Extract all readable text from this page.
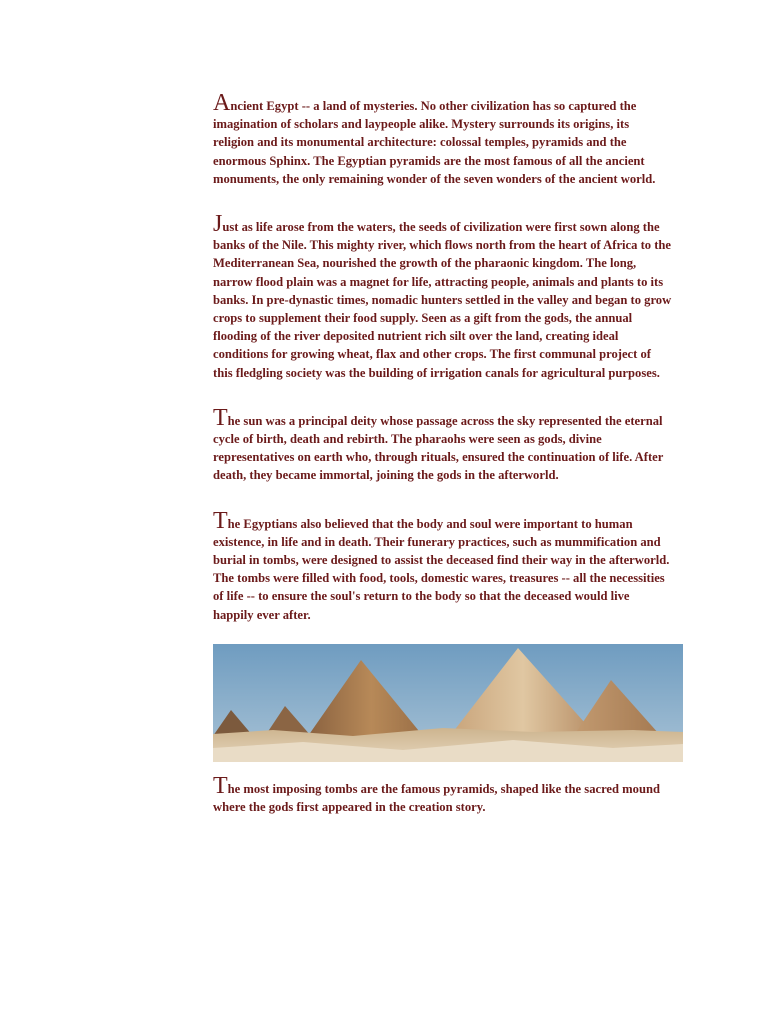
Ancient Egypt -- a land of mysteries. No other civilization has so captured the imagination of scholars and laypeople alike. Mystery surrounds its origins, its religion and its monumental architecture: colossal temples, pyramids and the enormous Sphinx. The Egyptian pyramids are the most famous of all the ancient monuments, the only remaining wonder of the seven wonders of the ancient world.

Just as life arose from the waters, the seeds of civilization were first sown along the banks of the Nile. This mighty river, which flows north from the heart of Africa to the Mediterranean Sea, nourished the growth of the pharaonic kingdom. The long, narrow flood plain was a magnet for life, attracting people, animals and plants to its banks. In pre-dynastic times, nomadic hunters settled in the valley and began to grow crops to supplement their food supply. Seen as a gift from the gods, the annual flooding of the river deposited nutrient rich silt over the land, creating ideal conditions for growing wheat, flax and other crops. The first communal project of this fledgling society was the building of irrigation canals for agricultural purposes.

The sun was a principal deity whose passage across the sky represented the eternal cycle of birth, death and rebirth. The pharaohs were seen as gods, divine representatives on earth who, through rituals, ensured the continuation of life. After death, they became immortal, joining the gods in the afterworld.

The Egyptians also believed that the body and soul were important to human existence, in life and in death. Their funerary practices, such as mummification and burial in tombs, were designed to assist the deceased find their way in the afterworld. The tombs were filled with food, tools, domestic wares, treasures -- all the necessities of life -- to ensure the soul's return to the body so that the deceased would live happily ever after.

The most imposing tombs are the famous pyramids, shaped like the sacred mound where the gods first appeared in the creation story.
